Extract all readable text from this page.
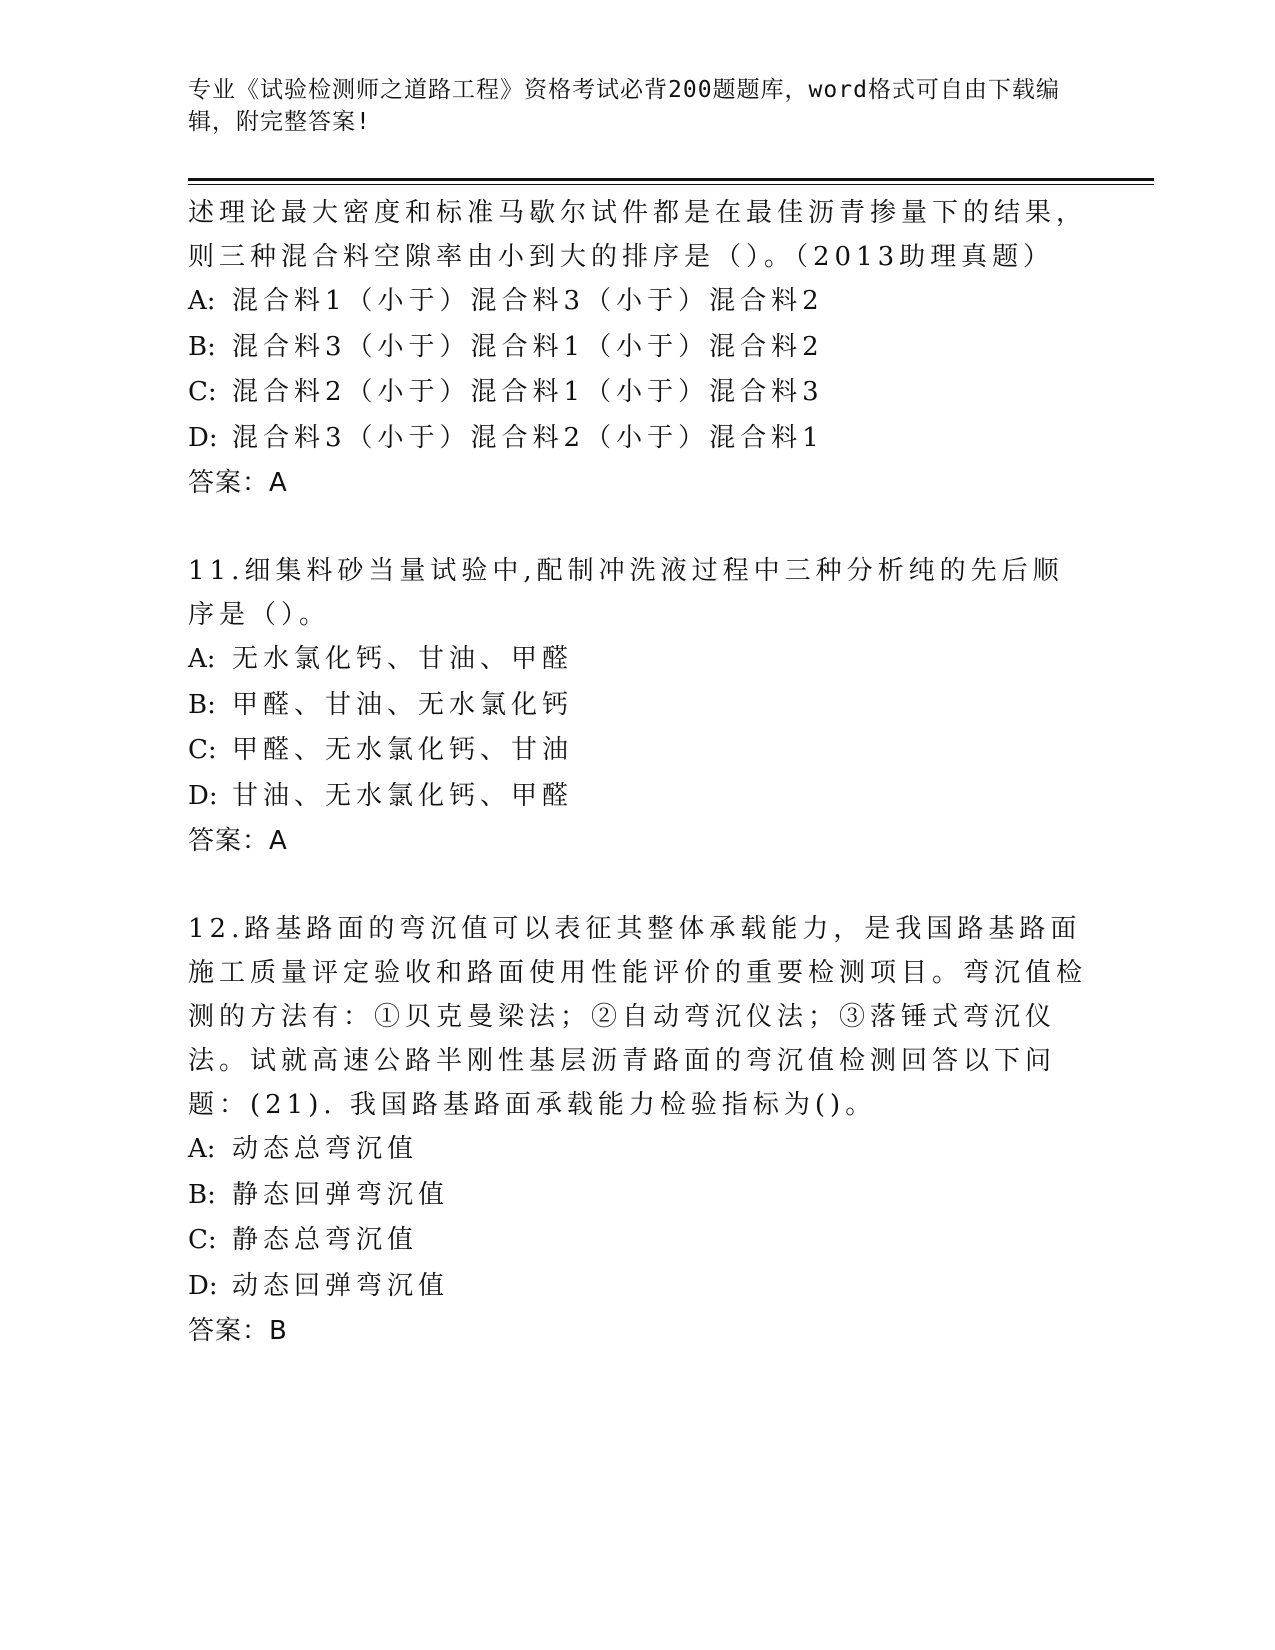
专业《试验检测师之道路工程》资格考试必背200题题库，word格式可自由下载编辑，附完整答案!

述理论最大密度和标准马歇尔试件都是在最佳沥青掺量下的结果，则三种混合料空隙率由小到大的排序是（）。（2013助理真题）

A: 混合料1（小于）混合料3（小于）混合料2

B: 混合料3（小于）混合料1（小于）混合料2

C: 混合料2（小于）混合料1（小于）混合料3

D: 混合料3（小于）混合料2（小于）混合料1

答案：A

11.细集料砂当量试验中,配制冲洗液过程中三种分析纯的先后顺序是（）。

A: 无水氯化钙、甘油、甲醛

B: 甲醛、甘油、无水氯化钙

C: 甲醛、无水氯化钙、甘油

D: 甘油、无水氯化钙、甲醛

答案：A

12.路基路面的弯沉值可以表征其整体承载能力，是我国路基路面施工质量评定验收和路面使用性能评价的重要检测项目。弯沉值检测的方法有：①贝克曼梁法；②自动弯沉仪法；③落锤式弯沉仪法。试就高速公路半刚性基层沥青路面的弯沉值检测回答以下问题：(21). 我国路基路面承载能力检验指标为()。

A: 动态总弯沉值

B: 静态回弹弯沉值

C: 静态总弯沉值

D: 动态回弹弯沉值

答案：B
